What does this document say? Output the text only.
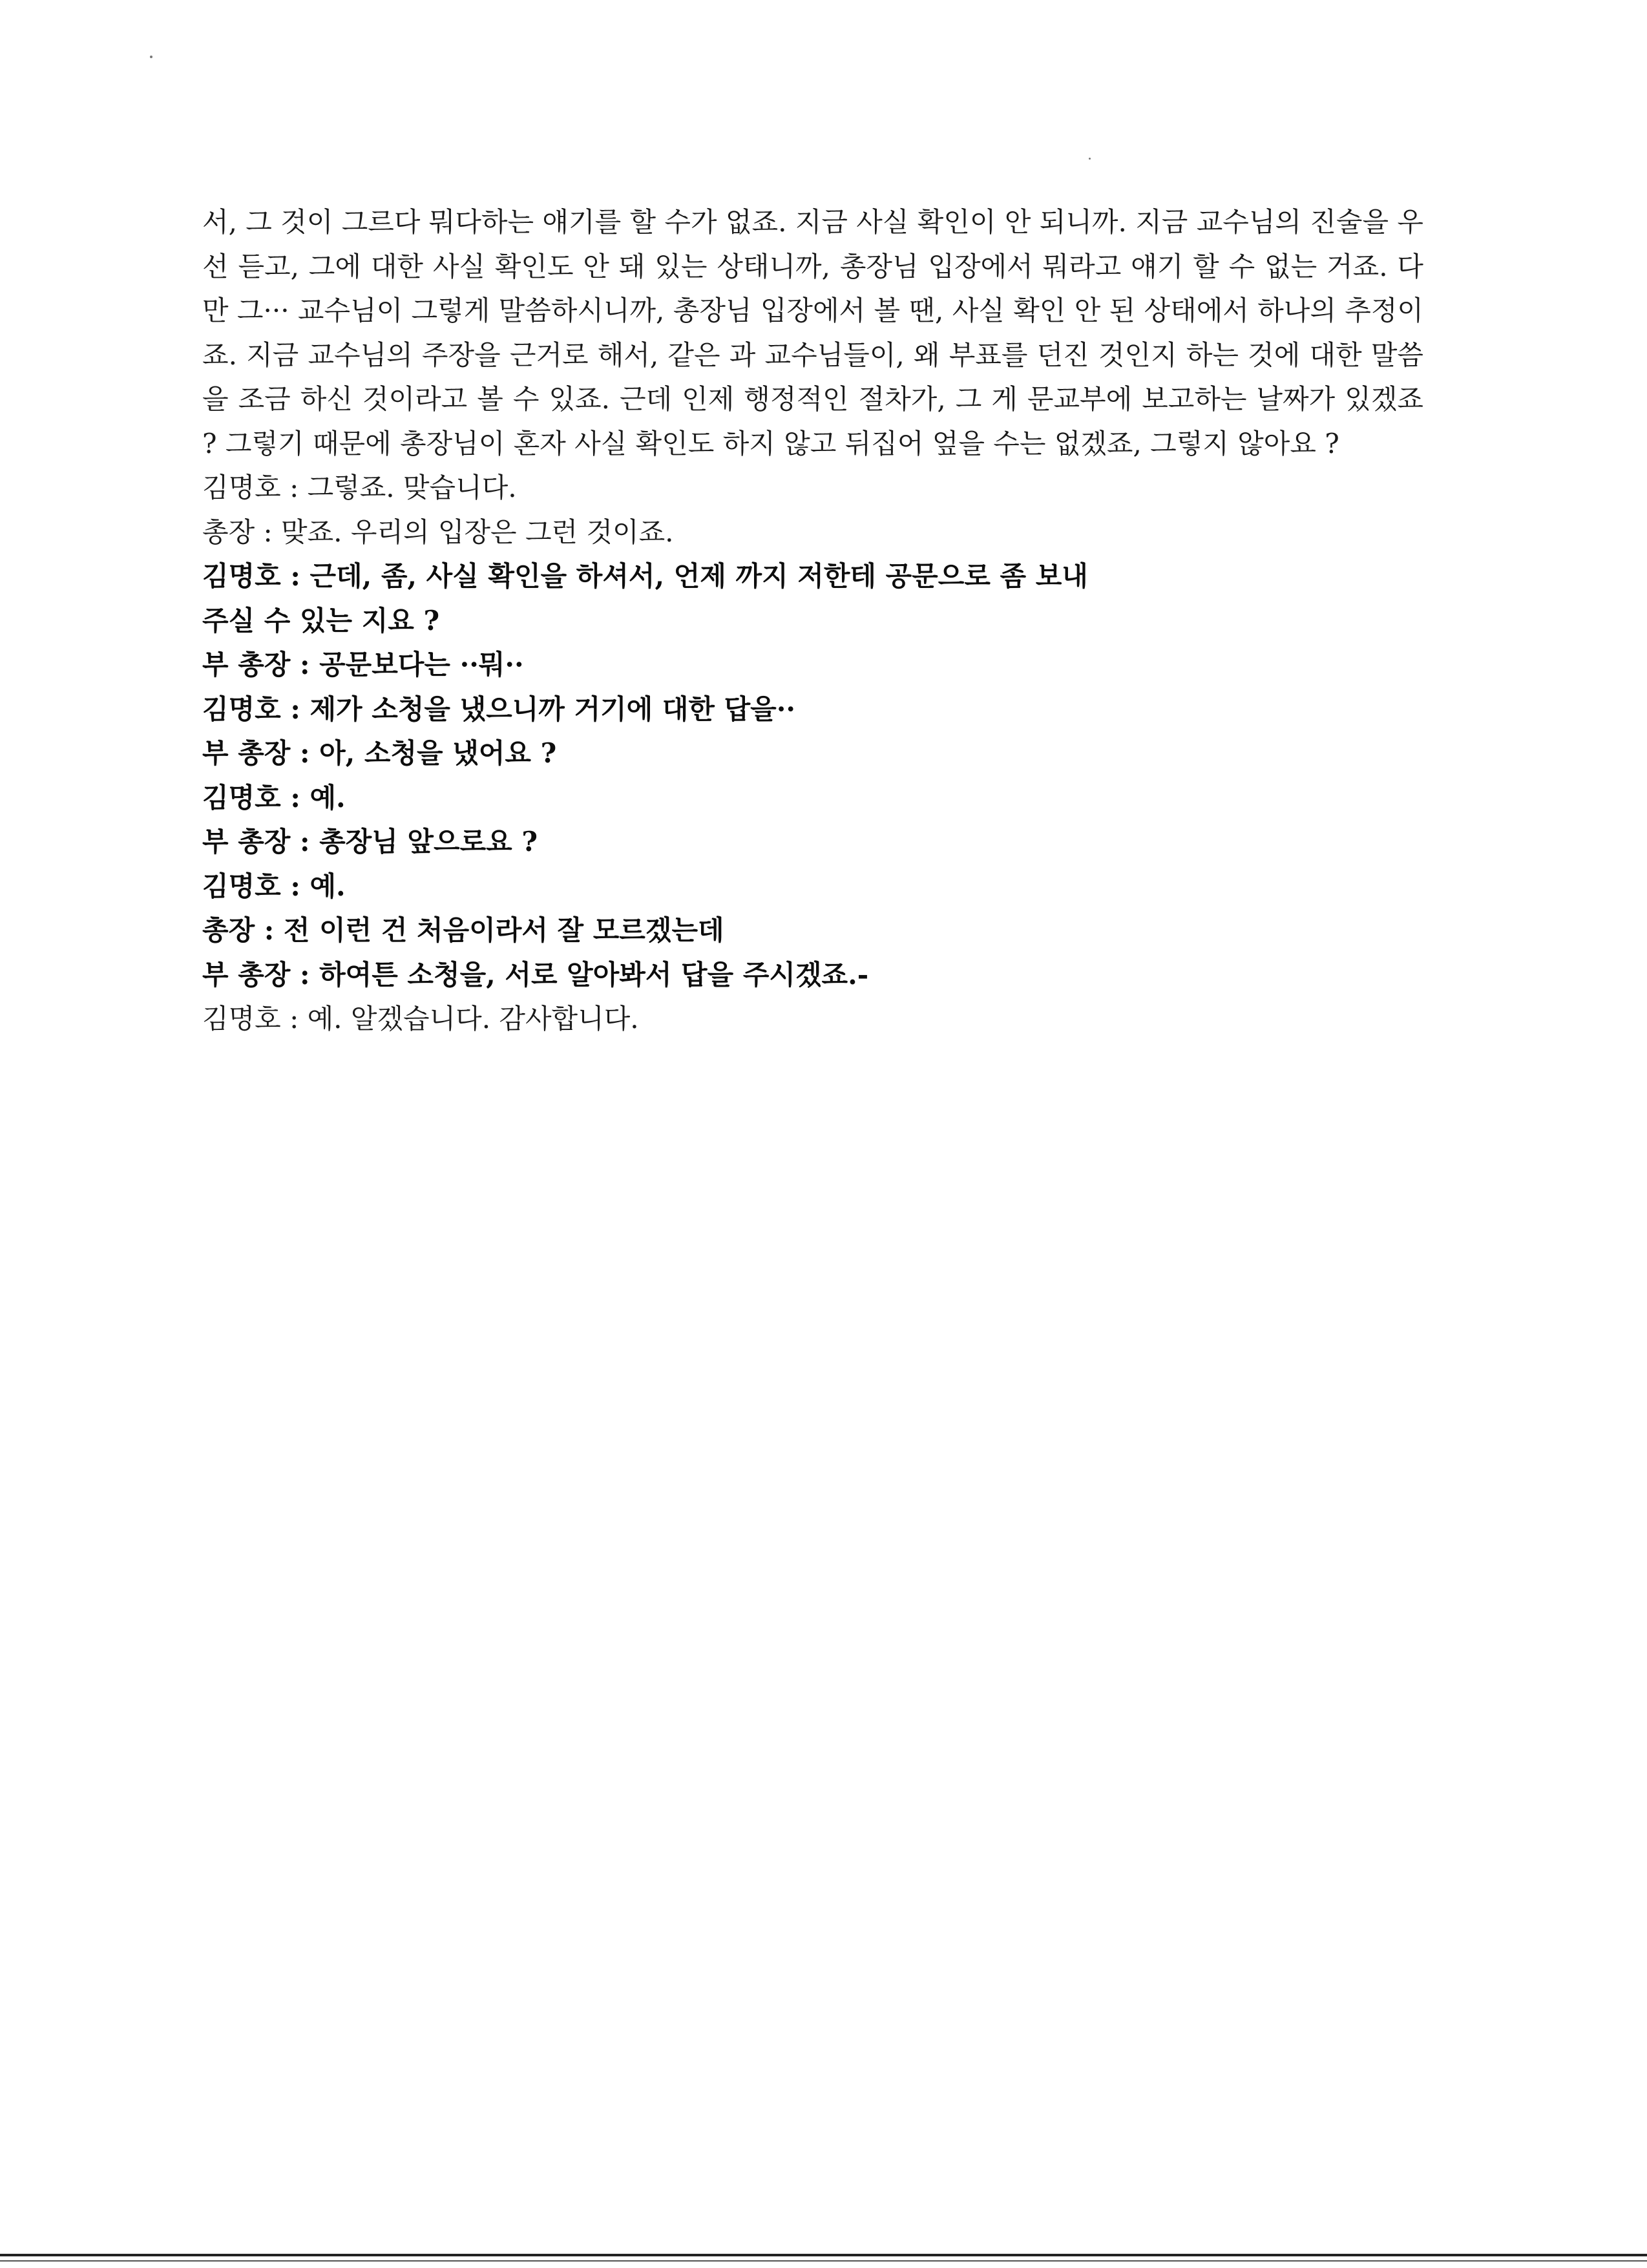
서, 그 것이 그르다 뭐다하는 얘기를 할 수가 없죠. 지금 사실 확인이 안 되니까. 지금 교수님의 진술을 우선 듣고, 그에 대한 사실 확인도 안 돼 있는 상태니까, 총장님 입장에서 뭐라고 얘기 할 수 없는 거죠. 다만 그··· 교수님이 그렇게 말씀하시니까, 총장님 입장에서 볼 땐, 사실 확인 안 된 상태에서 하나의 추정이죠. 지금 교수님의 주장을 근거로 해서, 같은 과 교수님들이, 왜 부표를 던진 것인지 하는 것에 대한 말씀을 조금 하신 것이라고 볼 수 있죠. 근데 인제 행정적인 절차가, 그 게 문교부에 보고하는 날짜가 있겠죠 ? 그렇기 때문에 총장님이 혼자 사실 확인도 하지 않고 뒤집어 엎을 수는 없겠죠, 그렇지 않아요 ?

김명호 : 그렇죠. 맞습니다.

총장 : 맞죠. 우리의 입장은 그런 것이죠.

김명호 : 근데, 좀, 사실 확인을 하셔서, 언제 까지 저한테 공문으로 좀 보내

주실 수 있는 지요 ?

부 총장 : 공문보다는 ··뭐··

김명호 : 제가 소청을 냈으니까 거기에 대한 답을··

부 총장 : 아, 소청을 냈어요 ?

김명호 : 예.

부 총장 : 총장님 앞으로요 ?

김명호 : 예.

총장 : 전 이런 건 처음이라서 잘 모르겠는데

부 총장 : 하여튼 소청을, 서로 알아봐서 답을 주시겠죠.-

김명호 : 예. 알겠습니다. 감사합니다.
